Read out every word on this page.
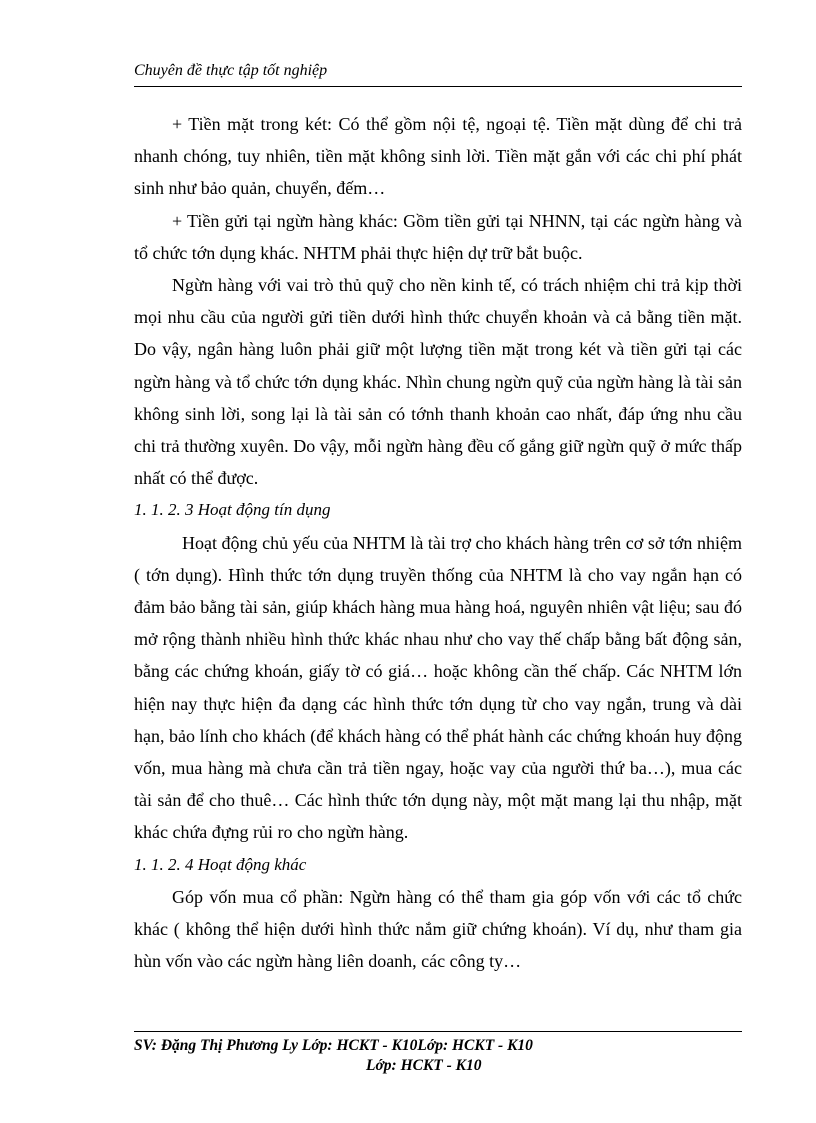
Chuyên đề thực tập tốt nghiệp

+ Tiền mặt trong két: Có thể gồm nội tệ, ngoại tệ. Tiền mặt dùng để chi trả nhanh chóng, tuy nhiên, tiền mặt không sinh lời. Tiền mặt gắn với các chi phí phát sinh như bảo quản, chuyển, đếm…

+ Tiền gửi tại ngừn hàng khác: Gồm tiền gửi tại NHNN, tại các ngừn hàng và tổ chức tớn dụng khác. NHTM phải thực hiện dự trữ bắt buộc.

Ngừn hàng với vai trò thủ quỹ cho nền kinh tế, có trách nhiệm chi trả kịp thời mọi nhu cầu của người gửi tiền dưới hình thức chuyển khoản và cả bằng tiền mặt. Do vậy, ngân hàng luôn phải giữ một lượng tiền mặt trong két và tiền gửi tại các ngừn hàng và tổ chức tớn dụng khác. Nhìn chung ngừn quỹ của ngừn hàng là tài sản không sinh lời, song lại là tài sản có tớnh thanh khoản cao nhất, đáp ứng nhu cầu chi trả thường xuyên. Do vậy, mỗi ngừn hàng đều cố gắng giữ ngừn quỹ ở mức thấp nhất có thể được.

1. 1. 2. 3 Hoạt động tín dụng

Hoạt động chủ yếu của NHTM là tài trợ cho khách hàng trên cơ sở tớn nhiệm ( tớn dụng). Hình thức tớn dụng truyền thống của NHTM là cho vay ngắn hạn có đảm bảo bằng tài sản, giúp khách hàng mua hàng hoá, nguyên nhiên vật liệu; sau đó mở rộng thành nhiều hình thức khác nhau như cho vay thế chấp bằng bất động sản, bằng các chứng khoán, giấy tờ có giá… hoặc không cần thế chấp. Các NHTM lớn hiện nay thực hiện đa dạng các hình thức tớn dụng từ cho vay ngắn, trung và dài hạn, bảo lính cho khách (để khách hàng có thể phát hành các chứng khoán huy động vốn, mua hàng mà chưa cần trả tiền ngay, hoặc vay của người thứ ba…), mua các tài sản để cho thuê… Các hình thức tớn dụng này, một mặt mang lại thu nhập, mặt khác chứa đựng rủi ro cho ngừn hàng.

1. 1. 2. 4 Hoạt động khác

Góp vốn mua cổ phần: Ngừn hàng có thể tham gia góp vốn với các tổ chức khác ( không thể hiện dưới hình thức nắm giữ chứng khoán). Ví dụ, như tham gia hùn vốn vào các ngừn hàng liên doanh, các công ty…

SV: Đặng Thị Phương Ly Lớp: HCKT - K10Lớp: HCKT - K10
Lớp: HCKT - K10
